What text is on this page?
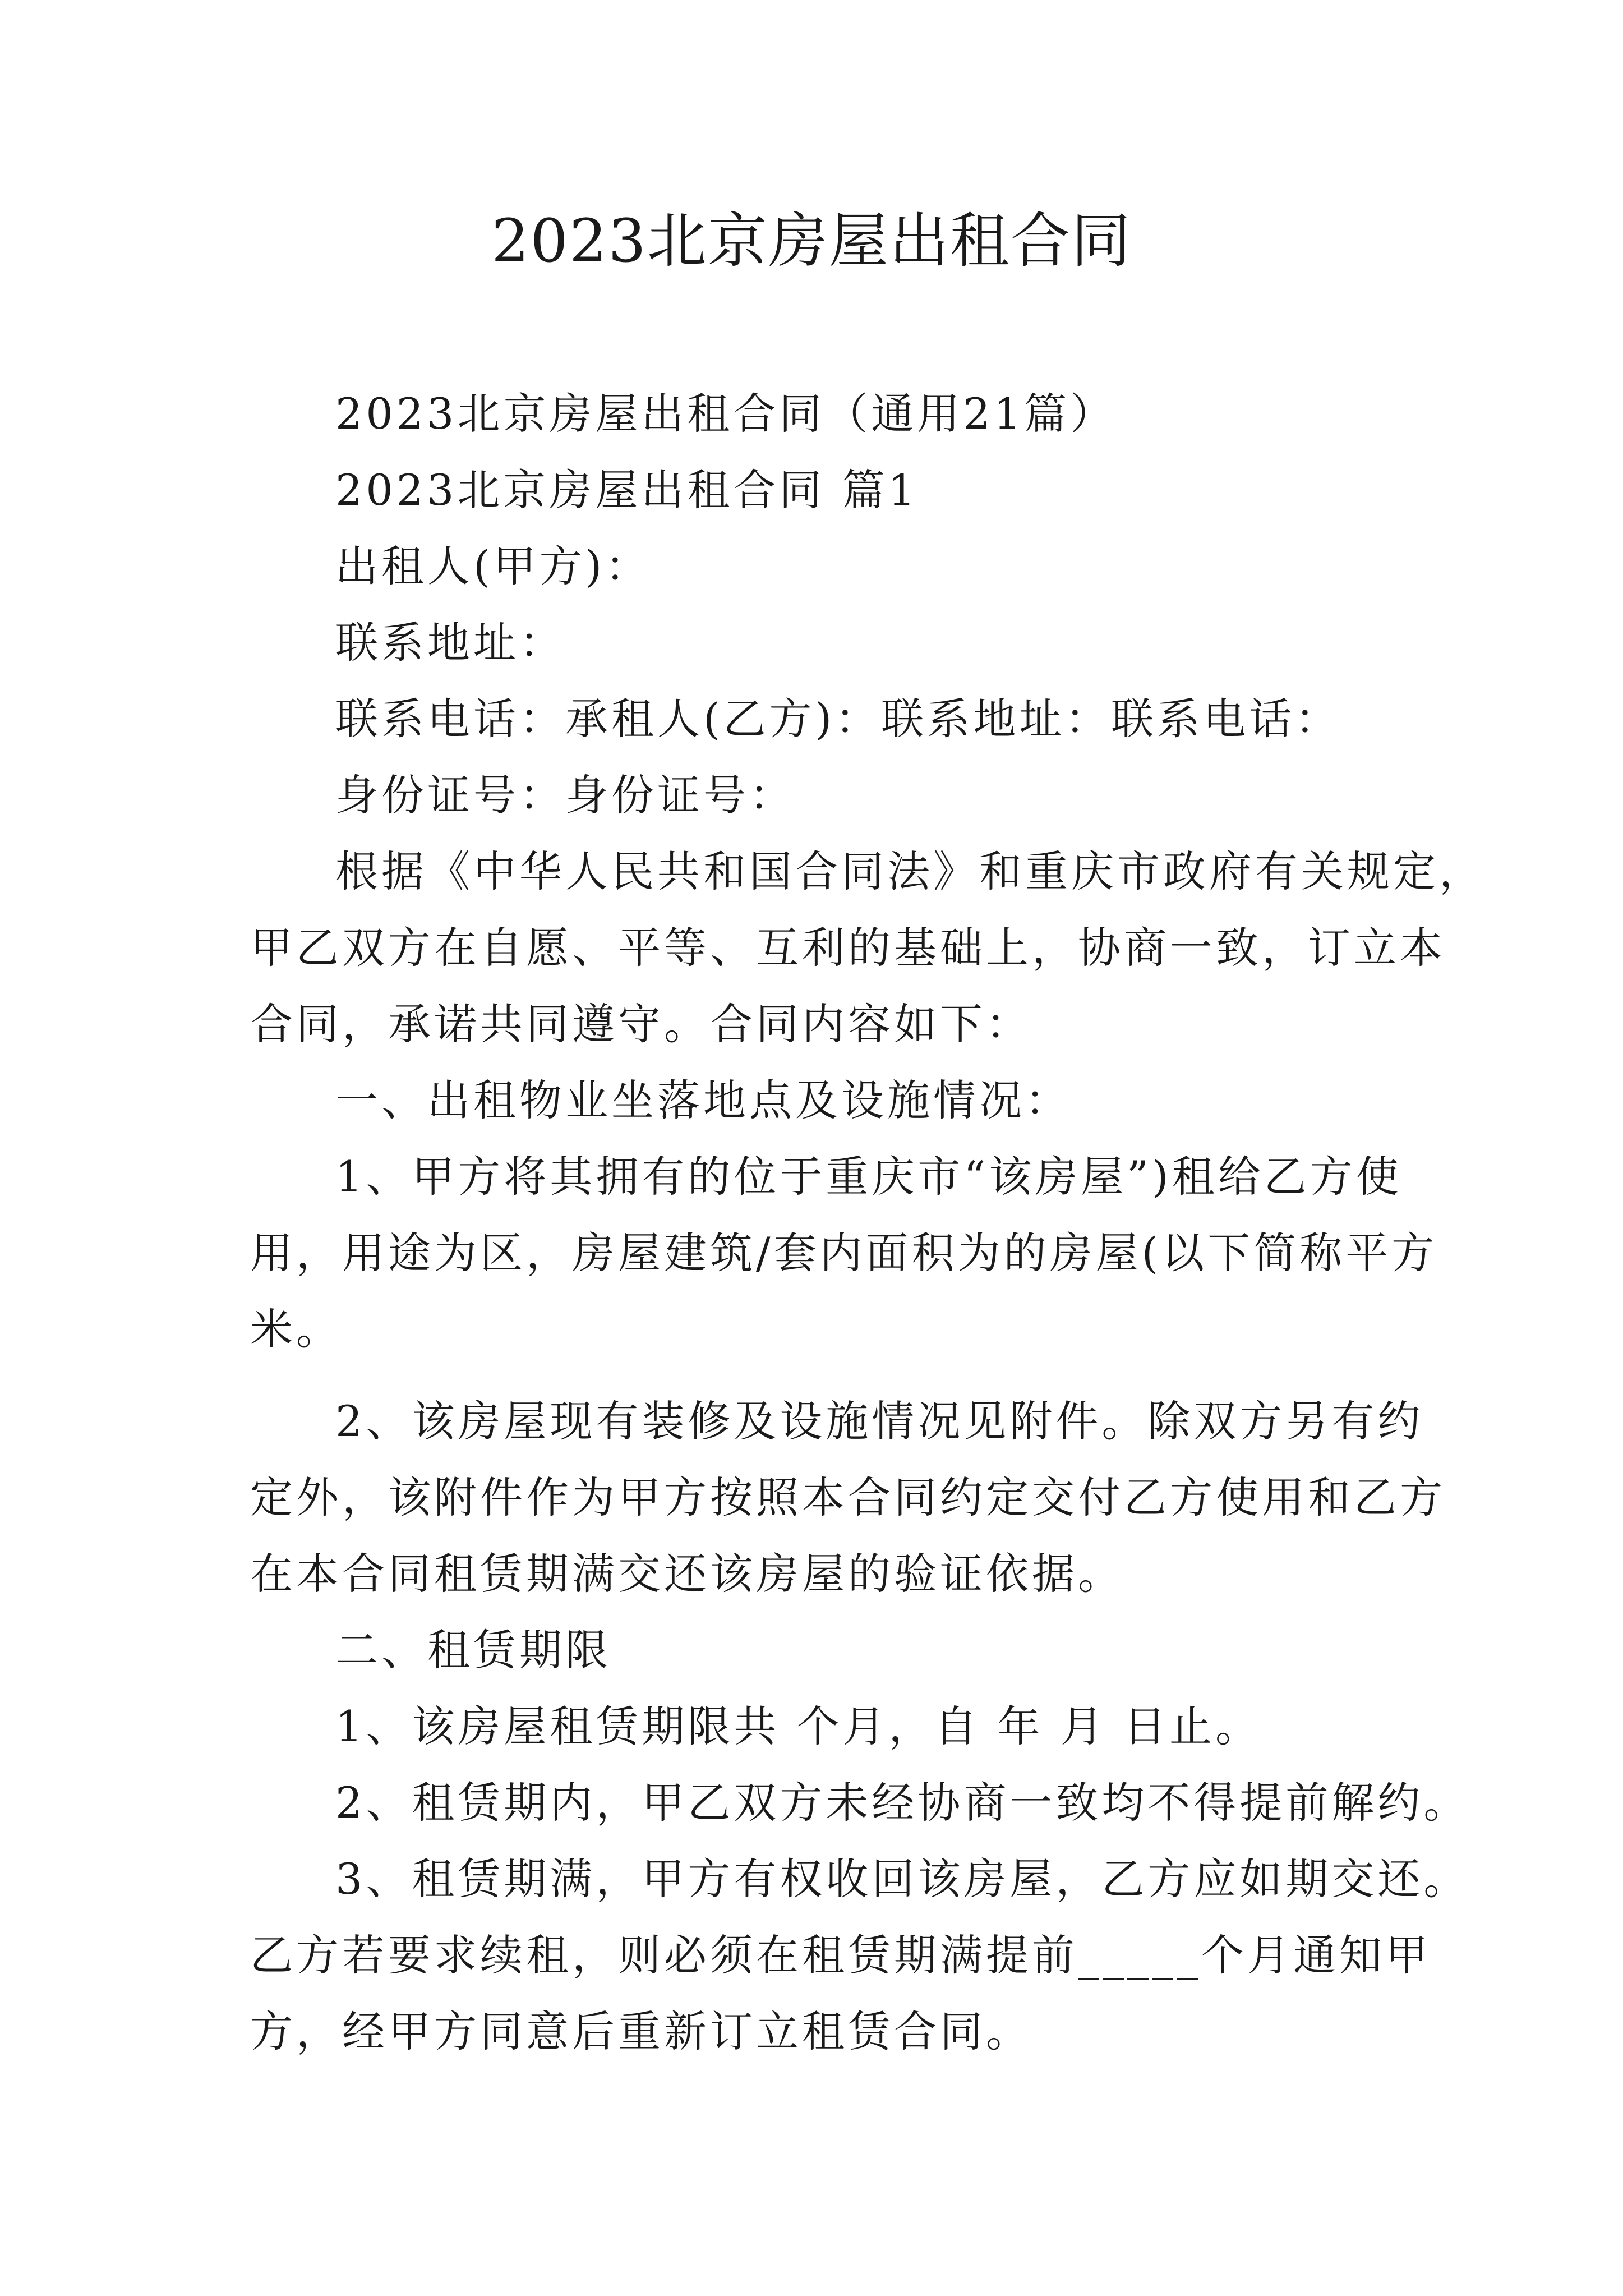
2023北京房屋出租合同
2023北京房屋出租合同（通用21篇）
2023北京房屋出租合同 篇1
出租人(甲方)：
联系地址：
联系电话：承租人(乙方)：联系地址：联系电话：
身份证号：身份证号：
根据《中华人民共和国合同法》和重庆市政府有关规定，
甲乙双方在自愿、平等、互利的基础上，协商一致，订立本
合同，承诺共同遵守。合同内容如下：
一、出租物业坐落地点及设施情况：
1、甲方将其拥有的位于重庆市“该房屋”)租给乙方使
用，用途为区，房屋建筑/套内面积为的房屋(以下简称平方
米。
2、该房屋现有装修及设施情况见附件。除双方另有约
定外，该附件作为甲方按照本合同约定交付乙方使用和乙方
在本合同租赁期满交还该房屋的验证依据。
二、租赁期限
1、该房屋租赁期限共 个月，自 年 月 日止。
2、租赁期内，甲乙双方未经协商一致均不得提前解约。
3、租赁期满，甲方有权收回该房屋，乙方应如期交还。
乙方若要求续租，则必须在租赁期满提前_____个月通知甲
方，经甲方同意后重新订立租赁合同。
